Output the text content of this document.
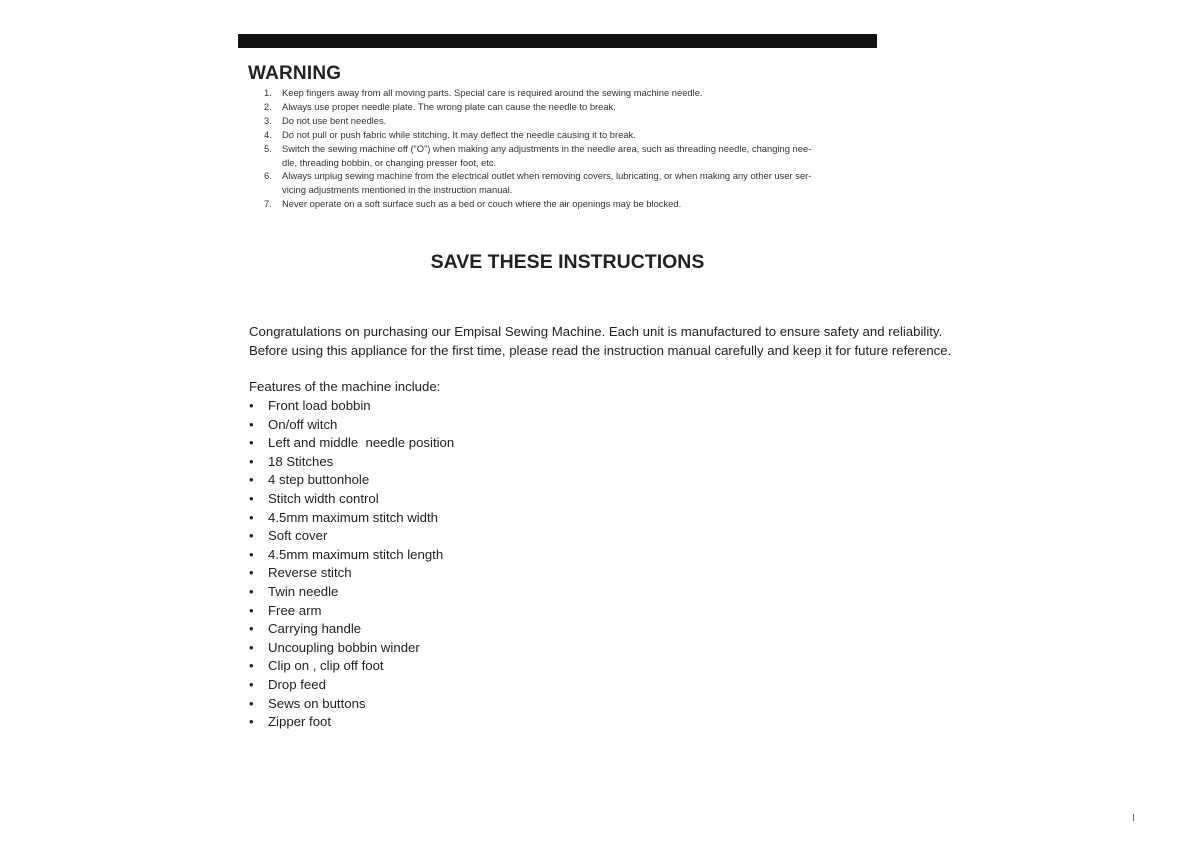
WARNING
1.	Keep fingers away from all moving parts. Special care is required around the sewing machine needle.
2.	Always use proper needle plate. The wrong plate can cause the needle to break.
3.	Do not use bent needles.
4.	Do not pull or push fabric while stitching. It may deflect the needle causing it to break.
5.	Switch the sewing machine off (“O”) when making any adjustments in the needle area, such as threading needle, changing nee-
dle, threading bobbin, or changing presser foot, etc.
6.	Always unplug sewing machine from the electrical outlet when removing covers, lubricating, or when making any other user ser-
vicing adjustments mentioned in the instruction manual.
7.	Never operate on a soft surface such as a bed or couch where the air openings may be blocked.
SAVE THESE INSTRUCTIONS

Congratulations on purchasing our Empisal Sewing Machine. Each unit is manufactured to ensure safety and reliability.

Before using this appliance for the first time, please read the instruction manual carefully and keep it for future reference.

Features of the machine include:
•	Front load bobbin
•	On/off witch
•	Left and middle  needle position
•	18 Stitches
•	4 step buttonhole
•	Stitch width control
•	4.5mm maximum stitch width
•	Soft cover
•	4.5mm maximum stitch length
•	Reverse stitch
•	Twin needle
•	Free arm
•	Carrying handle
•	Uncoupling bobbin winder
•	Clip on , clip off foot
•	Drop feed
•	Sews on buttons
•	Zipper foot
